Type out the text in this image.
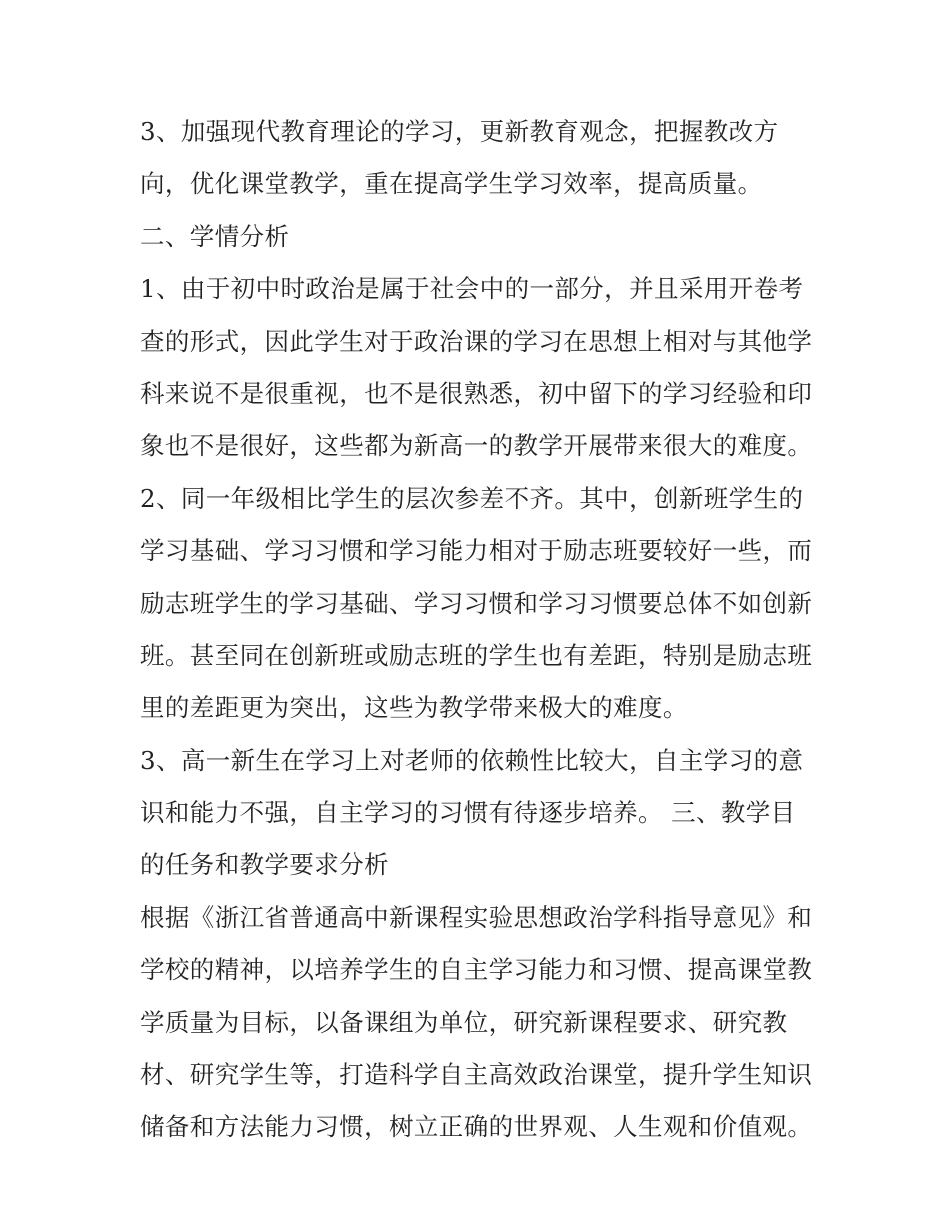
3、加强现代教育理论的学习，更新教育观念，把握教改方
向，优化课堂教学，重在提高学生学习效率，提高质量。
二、学情分析
1、由于初中时政治是属于社会中的一部分，并且采用开卷考
查的形式，因此学生对于政治课的学习在思想上相对与其他学
科来说不是很重视，也不是很熟悉，初中留下的学习经验和印
象也不是很好，这些都为新高一的教学开展带来很大的难度。
2、同一年级相比学生的层次参差不齐。其中，创新班学生的
学习基础、学习习惯和学习能力相对于励志班要较好一些，而
励志班学生的学习基础、学习习惯和学习习惯要总体不如创新
班。甚至同在创新班或励志班的学生也有差距，特别是励志班
里的差距更为突出，这些为教学带来极大的难度。
3、高一新生在学习上对老师的依赖性比较大，自主学习的意
识和能力不强，自主学习的习惯有待逐步培养。 三、教学目
的任务和教学要求分析
根据《浙江省普通高中新课程实验思想政治学科指导意见》和
学校的精神，以培养学生的自主学习能力和习惯、提高课堂教
学质量为目标，以备课组为单位，研究新课程要求、研究教
材、研究学生等，打造科学自主高效政治课堂，提升学生知识
储备和方法能力习惯，树立正确的世界观、人生观和价值观。
